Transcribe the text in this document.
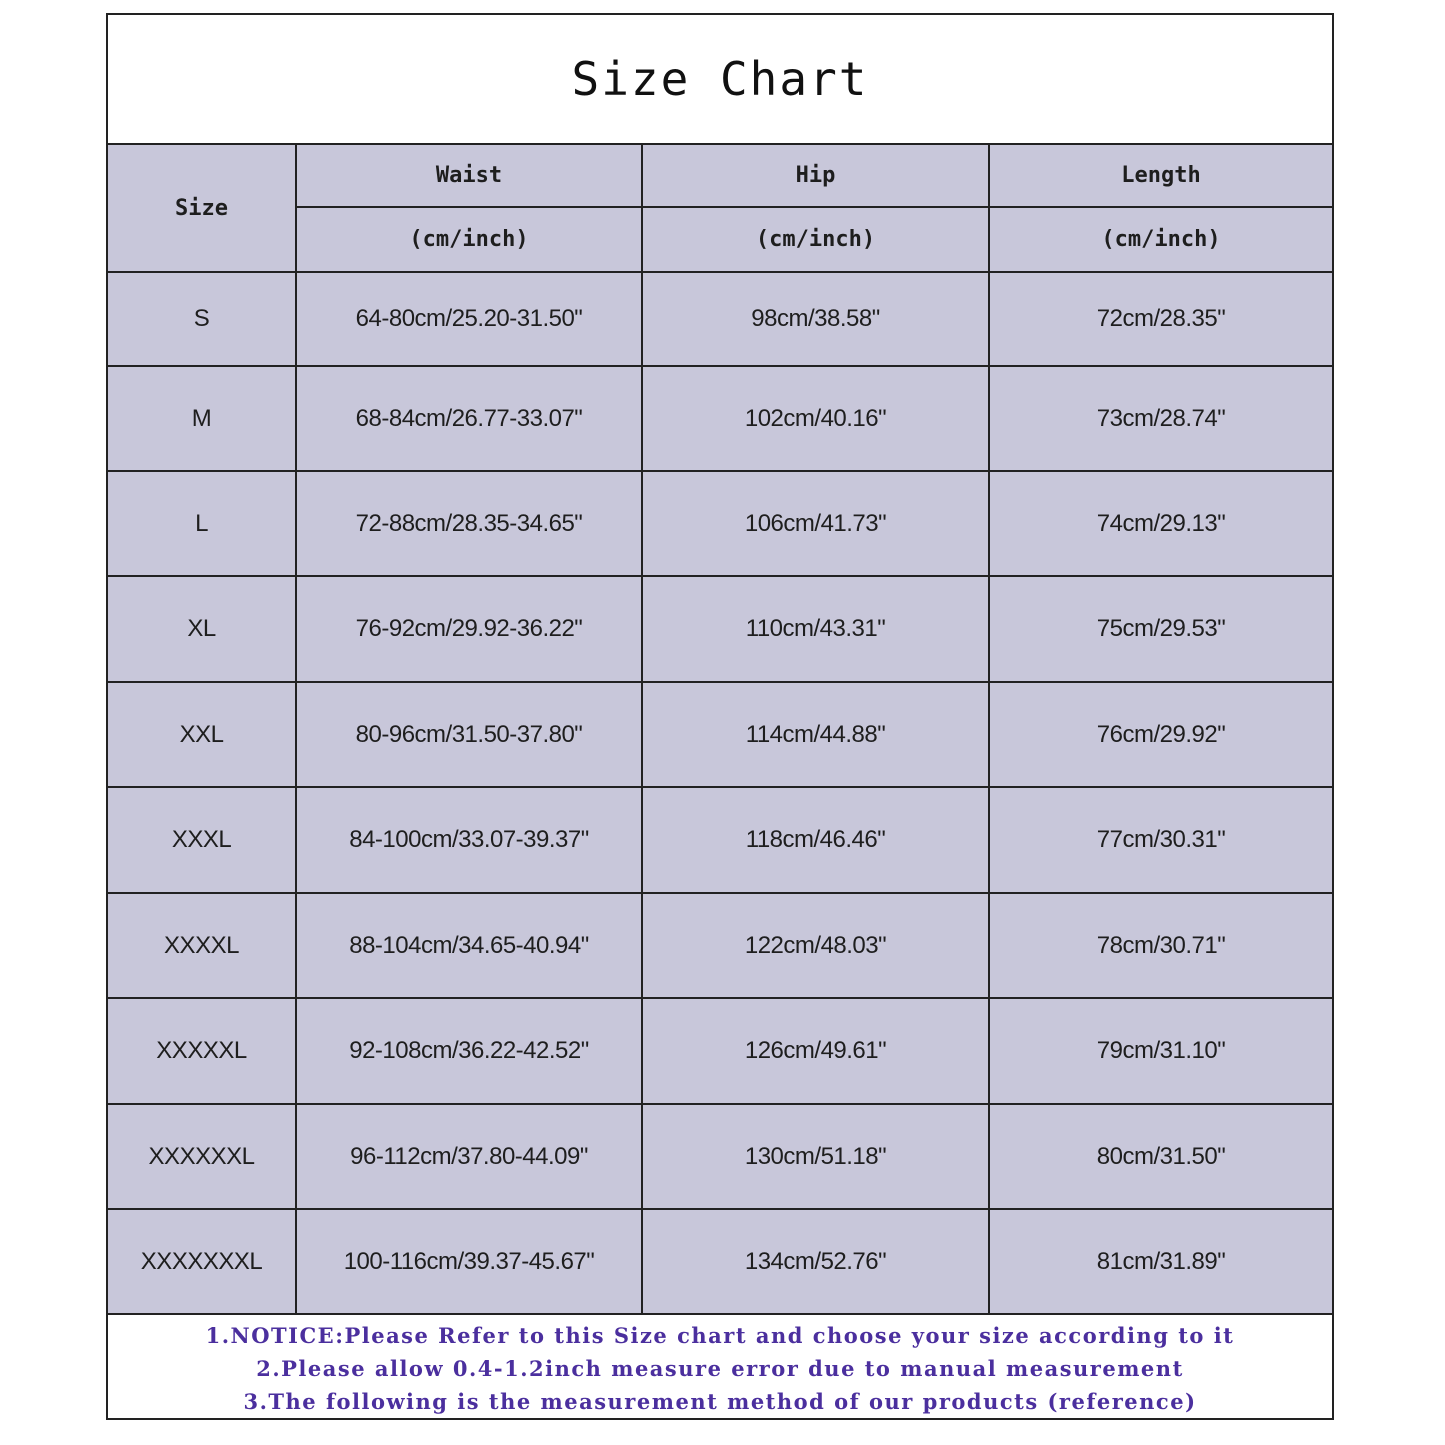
Size Chart
Size	Waist	Hip	Length
	(cm/inch)	(cm/inch)	(cm/inch)
S	64-80cm/25.20-31.50"	98cm/38.58"	72cm/28.35"
M	68-84cm/26.77-33.07"	102cm/40.16"	73cm/28.74"
L	72-88cm/28.35-34.65"	106cm/41.73"	74cm/29.13"
XL	76-92cm/29.92-36.22"	110cm/43.31"	75cm/29.53"
XXL	80-96cm/31.50-37.80"	114cm/44.88"	76cm/29.92"
XXXL	84-100cm/33.07-39.37"	118cm/46.46"	77cm/30.31"
XXXXL	88-104cm/34.65-40.94"	122cm/48.03"	78cm/30.71"
XXXXXL	92-108cm/36.22-42.52"	126cm/49.61"	79cm/31.10"
XXXXXXL	96-112cm/37.80-44.09"	130cm/51.18"	80cm/31.50"
XXXXXXXL	100-116cm/39.37-45.67"	134cm/52.76"	81cm/31.89"
1.NOTICE:Please Refer to this Size chart and choose your size according to it
2.Please allow 0.4-1.2inch measure error due to manual measurement
3.The following is the measurement method of our products (reference)
